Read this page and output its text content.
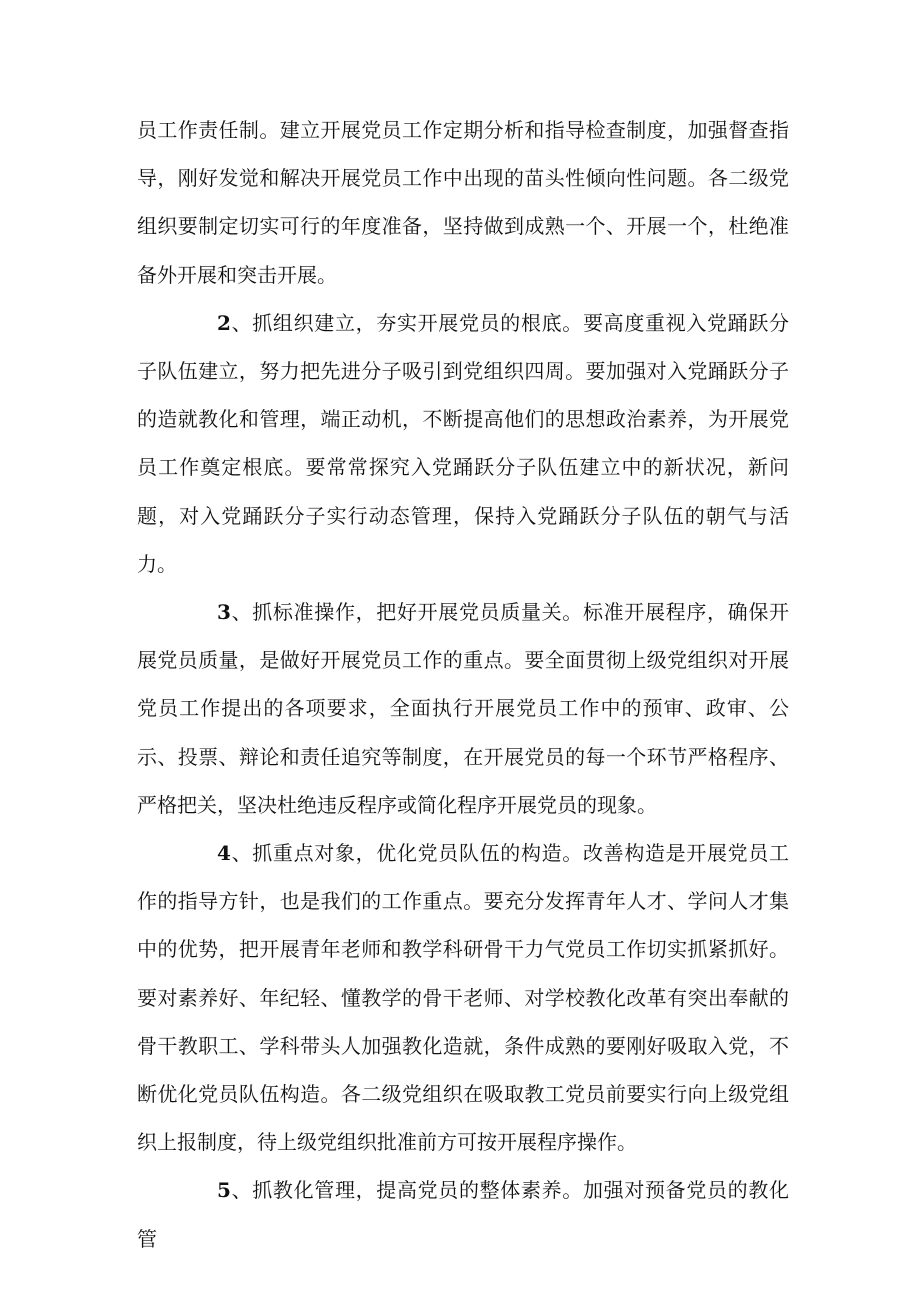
员工作责任制。建立开展党员工作定期分析和指导检查制度，加强督查指导，刚好发觉和解决开展党员工作中出现的苗头性倾向性问题。各二级党组织要制定切实可行的年度准备，坚持做到成熟一个、开展一个，杜绝准备外开展和突击开展。

2、抓组织建立，夯实开展党员的根底。要高度重视入党踊跃分子队伍建立，努力把先进分子吸引到党组织四周。要加强对入党踊跃分子的造就教化和管理，端正动机，不断提高他们的思想政治素养，为开展党员工作奠定根底。要常常探究入党踊跃分子队伍建立中的新状况，新问题，对入党踊跃分子实行动态管理，保持入党踊跃分子队伍的朝气与活力。

3、抓标准操作，把好开展党员质量关。标准开展程序，确保开展党员质量，是做好开展党员工作的重点。要全面贯彻上级党组织对开展党员工作提出的各项要求，全面执行开展党员工作中的预审、政审、公示、投票、辩论和责任追究等制度，在开展党员的每一个环节严格程序、严格把关，坚决杜绝违反程序或简化程序开展党员的现象。

4、抓重点对象，优化党员队伍的构造。改善构造是开展党员工作的指导方针，也是我们的工作重点。要充分发挥青年人才、学问人才集中的优势，把开展青年老师和教学科研骨干力气党员工作切实抓紧抓好。要对素养好、年纪轻、懂教学的骨干老师、对学校教化改革有突出奉献的骨干教职工、学科带头人加强教化造就，条件成熟的要刚好吸取入党，不断优化党员队伍构造。各二级党组织在吸取教工党员前要实行向上级党组织上报制度，待上级党组织批准前方可按开展程序操作。

5、抓教化管理，提高党员的整体素养。加强对预备党员的教化管
